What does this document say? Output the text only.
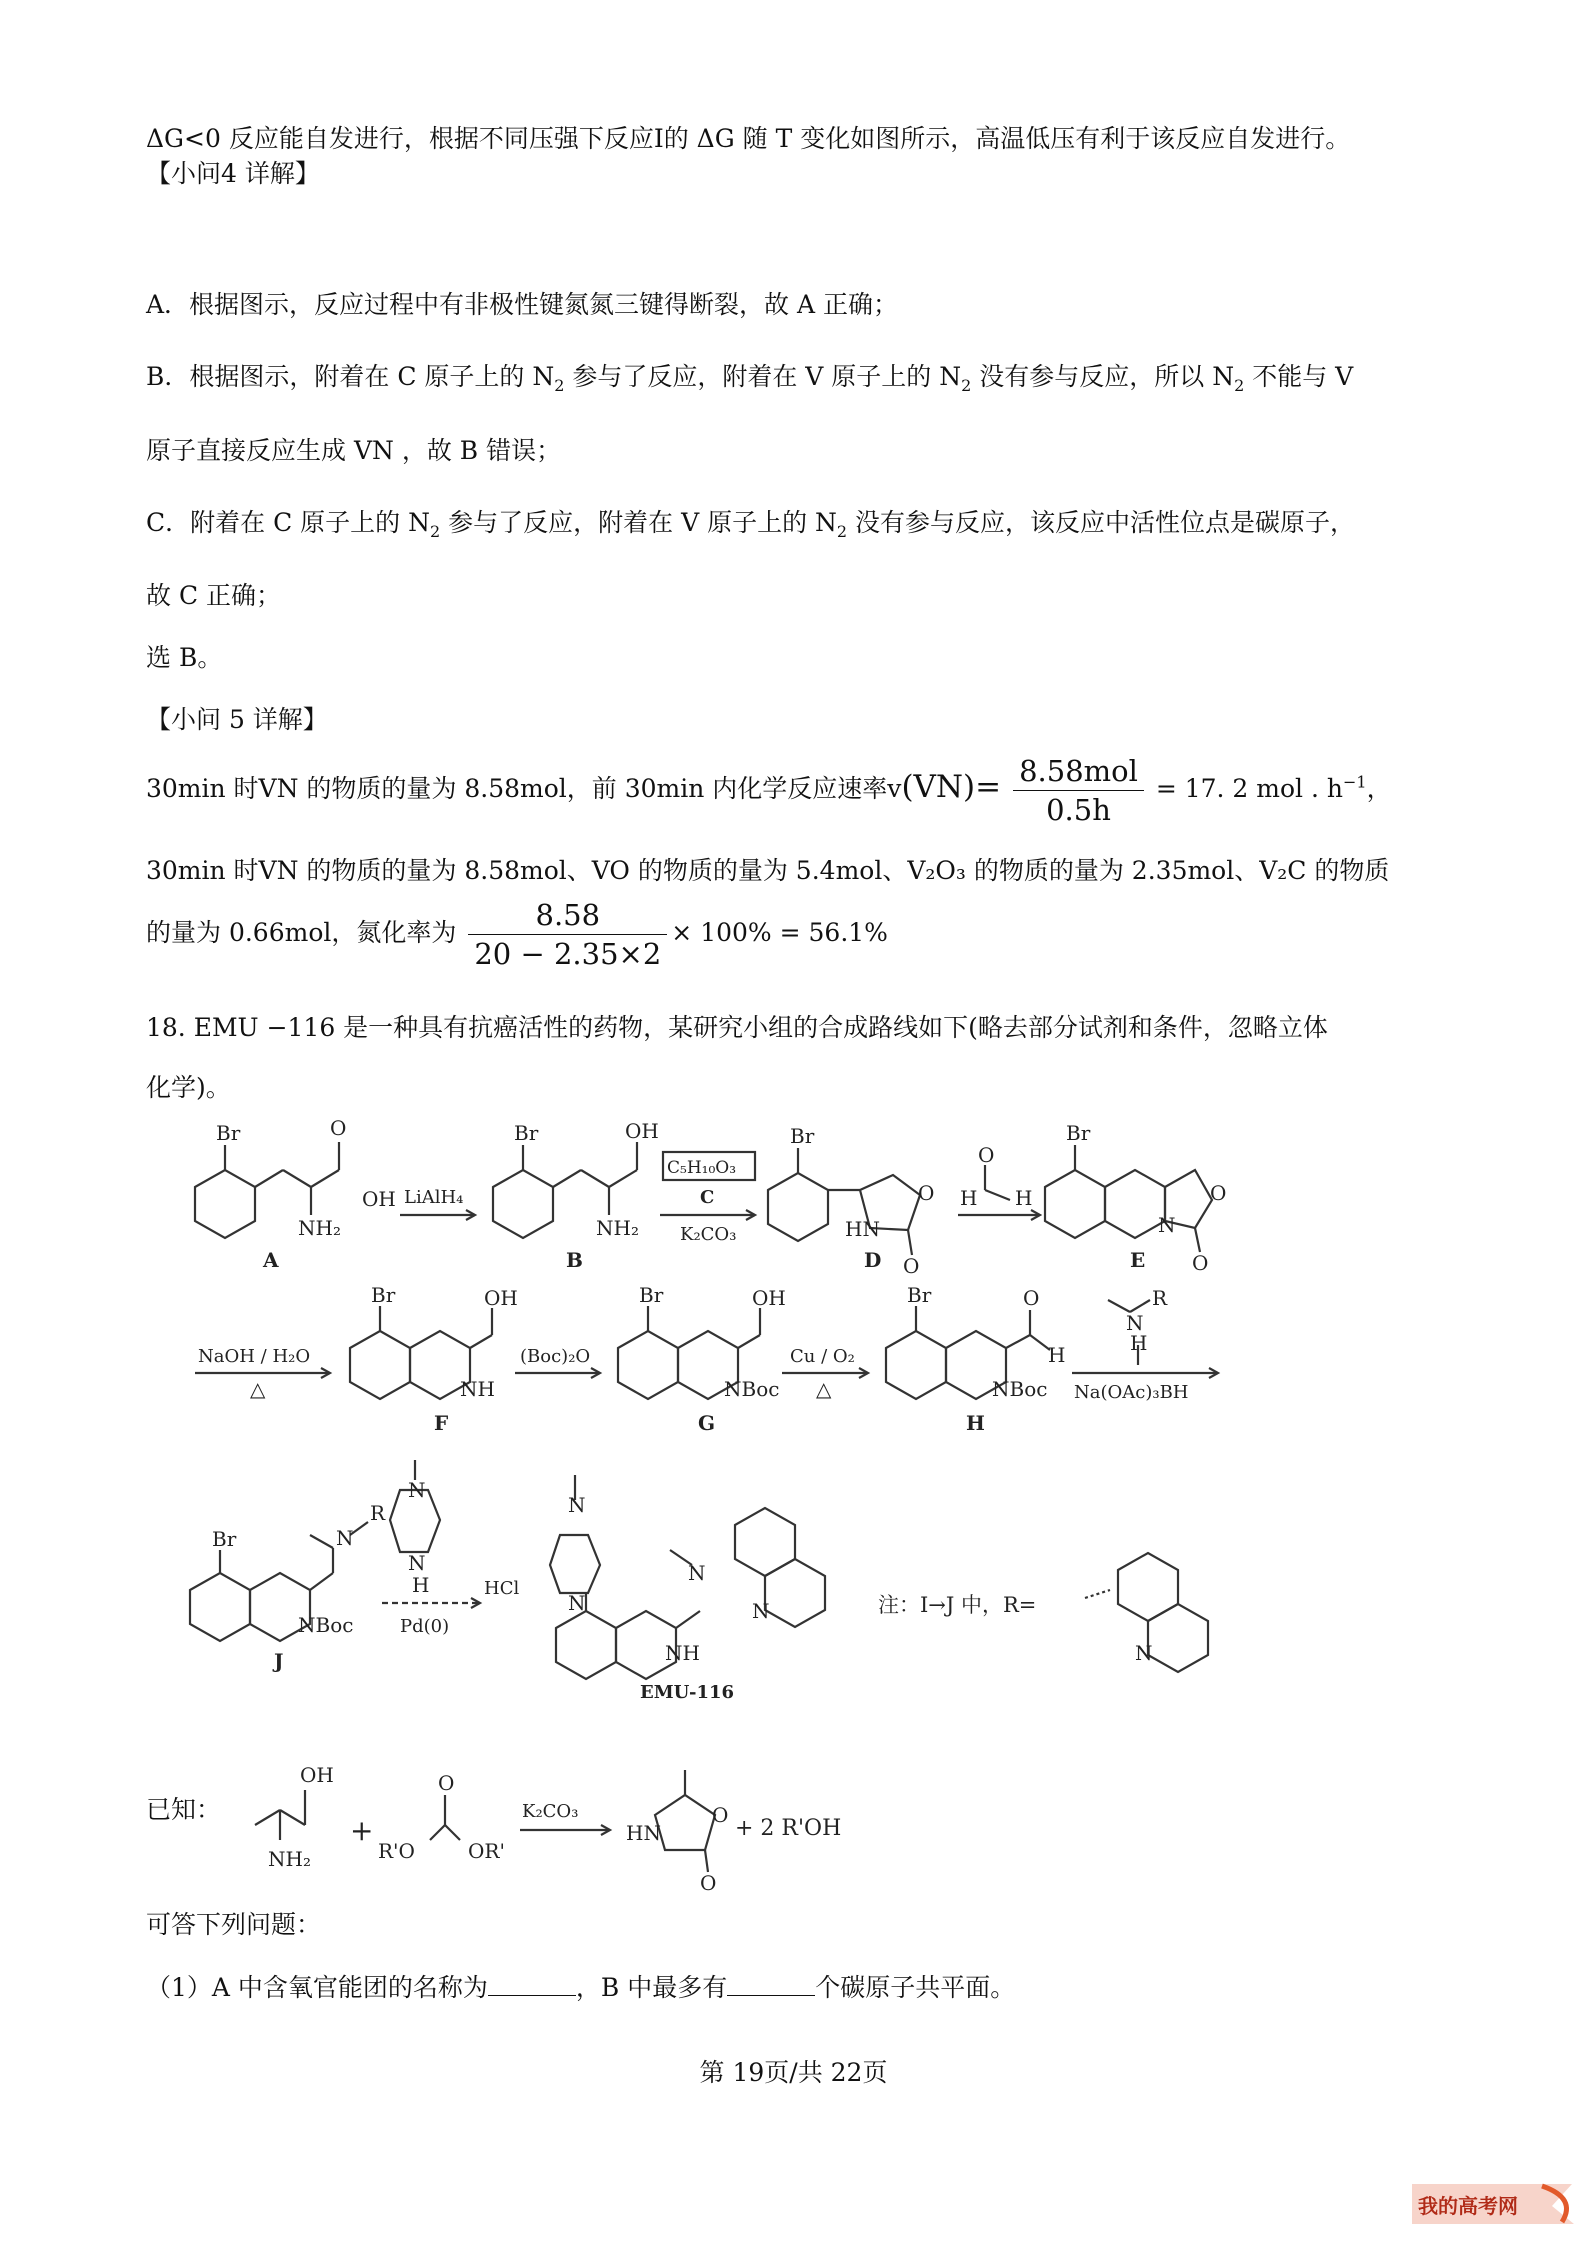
ΔG<0 反应能自发进行，根据不同压强下反应I的 ΔG 随 T 变化如图所示，高温低压有利于该反应自发进行。
【小问4 详解】
A．根据图示，反应过程中有非极性键氮氮三键得断裂，故 A 正确；
B．根据图示，附着在 C 原子上的 $N_2$ 参与了反应，附着在 V 原子上的 $N_2$ 没有参与反应，所以 $N_2$ 不能与 V
原子直接反应生成 VN ，故 B 错误；
C．附着在 C 原子上的 $N_2$ 参与了反应，附着在 V 原子上的 $N_2$ 没有参与反应，该反应中活性位点是碳原子，
故 C 正确；
选 B。
【小问 5 详解】
30min 时VN 的物质的量为 8.58mol，前 30min 内化学反应速率$v(VN)= \frac{\text{8.58mol}}{0.5h} = 17$. 2 mol . $h^{-1}$，
30min 时VN 的物质的量为 8.58mol、VO 的物质的量为 5.4mol、V₂O₃ 的物质的量为 2.35mol、V₂C 的物质
的量为 0.66mol，氮化率为 $\frac{8.58}{20 - 2.35\times 2} \times 100\% = 56.1\%$
18. EMU −116 是一种具有抗癌活性的药物，某研究小组的合成路线如下(略去部分试剂和条件，忽略立体
化学)。
Br	O
OH
NH₂
A
LiAlH₄
Br	OH
NH₂
B
C₅H₁₀O₃
C
K₂CO₃
Br
O
HN
O
D
O
H H
Br
O
N
O
E
NaOH / H₂O
△
Br	OH
NH
F
(Boc)₂O
Br	OH
NBoc
G
Cu / O₂
△
Br	O
H
NBoc
H
R
N
H
Na(OAc)₃BH
Br	N
R
NBoc
J
N
N
H
Pd(0)
HCl
N
N
N
NH
N
EMU-116
注：I→J 中，R=
N
OH
NH₂
+
O
R'O	OR'
K₂CO₃	O
HN
O
+ 2 R'OH
已知：
可答下列问题：
（1）A 中含氧官能团的名称为	，B 中最多有	个碳原子共平面。
第 19页/共 22页
我的高考网
